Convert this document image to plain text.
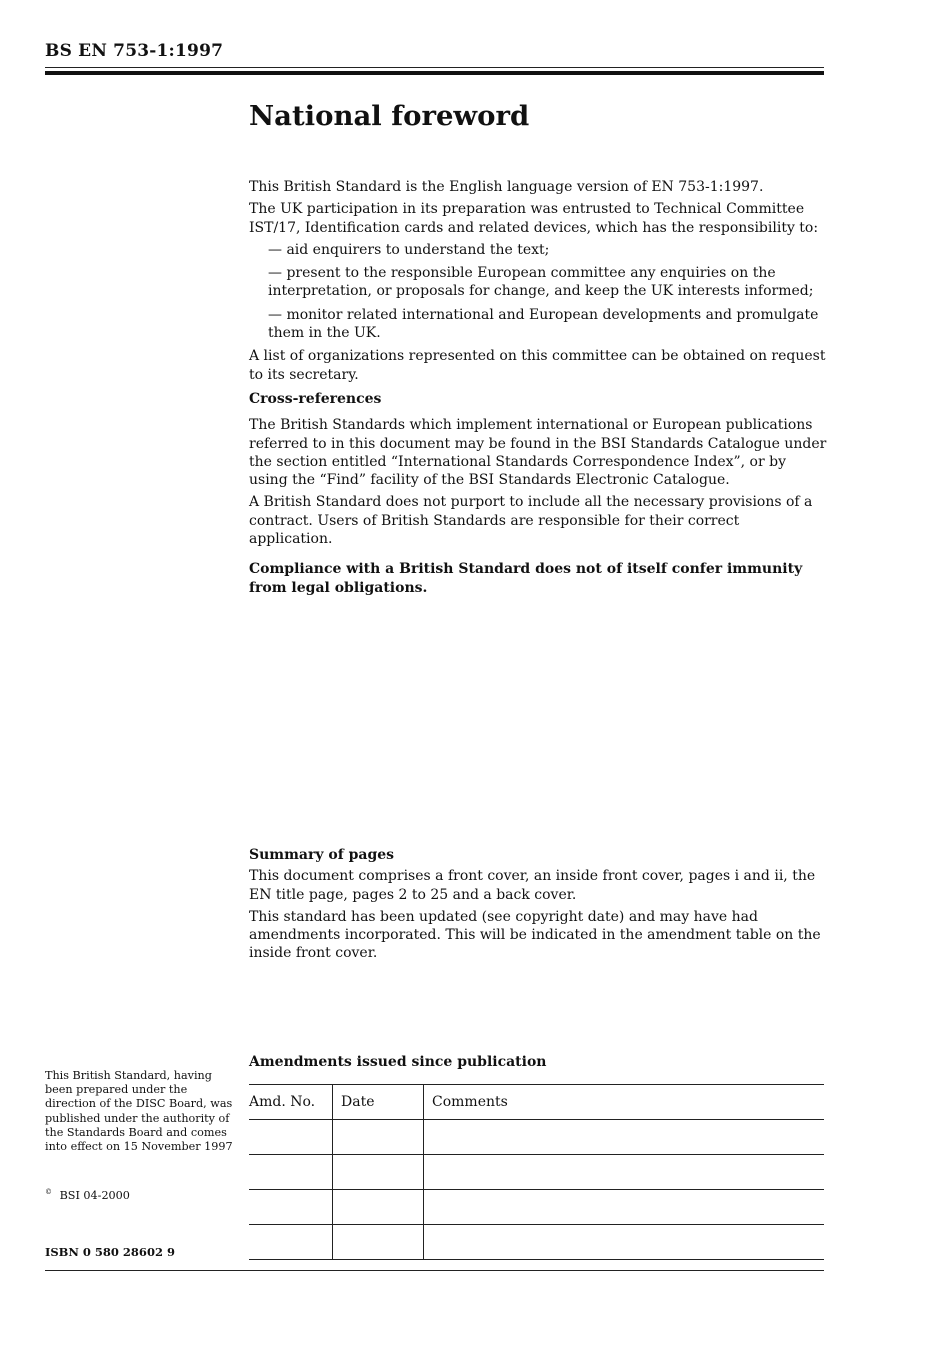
BS EN 753-1:1997
National foreword

This British Standard is the English language version of EN 753-1:1997.

The UK participation in its preparation was entrusted to Technical Committee IST/17, Identification cards and related devices, which has the responsibility to:

— aid enquirers to understand the text;

— present to the responsible European committee any enquiries on the interpretation, or proposals for change, and keep the UK interests informed;

— monitor related international and European developments and promulgate them in the UK.

A list of organizations represented on this committee can be obtained on request to its secretary.

Cross-references

The British Standards which implement international or European publications referred to in this document may be found in the BSI Standards Catalogue under the section entitled “International Standards Correspondence Index”, or by using the “Find” facility of the BSI Standards Electronic Catalogue.

A British Standard does not purport to include all the necessary provisions of a contract. Users of British Standards are responsible for their correct application.

Compliance with a British Standard does not of itself confer immunity from legal obligations.

Summary of pages

This document comprises a front cover, an inside front cover, pages i and ii, the EN title page, pages 2 to 25 and a back cover.

This standard has been updated (see copyright date) and may have had amendments incorporated. This will be indicated in the amendment table on the inside front cover.

Amendments issued since publication

Amd. No.	Date	Comments

This British Standard, having been prepared under the direction of the DISC Board, was published under the authority of the Standards Board and comes into effect on 15 November 1997
© BSI 04-2000
ISBN 0 580 28602 9
